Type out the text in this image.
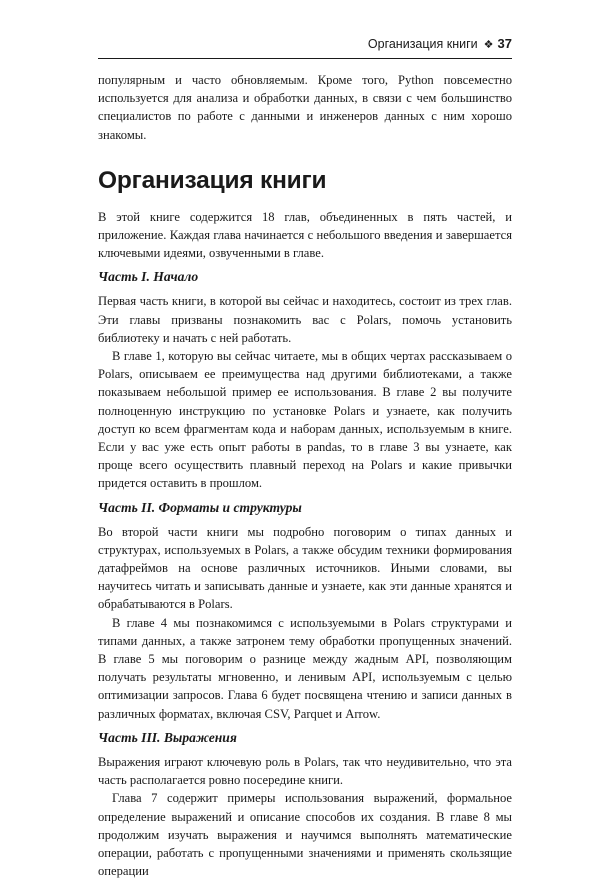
Организация книги ❖ 37

популярным и часто обновляемым. Кроме того, Python повсеместно используется для анализа и обработки данных, в связи с чем большинство специалистов по работе с данными и инженеров данных с ним хорошо знакомы.

Организация книги

В этой книге содержится 18 глав, объединенных в пять частей, и приложение. Каждая глава начинается с небольшого введения и завершается ключевыми идеями, озвученными в главе.

Часть I. Начало

Первая часть книги, в которой вы сейчас и находитесь, состоит из трех глав. Эти главы призваны познакомить вас с Polars, помочь установить библиотеку и начать с ней работать.

В главе 1, которую вы сейчас читаете, мы в общих чертах рассказываем о Polars, описываем ее преимущества над другими библиотеками, а также показываем небольшой пример ее использования. В главе 2 вы получите полноценную инструкцию по установке Polars и узнаете, как получить доступ ко всем фрагментам кода и наборам данных, используемым в книге. Если у вас уже есть опыт работы в pandas, то в главе 3 вы узнаете, как проще всего осуществить плавный переход на Polars и какие привычки придется оставить в прошлом.

Часть II. Форматы и структуры

Во второй части книги мы подробно поговорим о типах данных и структурах, используемых в Polars, а также обсудим техники формирования датафреймов на основе различных источников. Иными словами, вы научитесь читать и записывать данные и узнаете, как эти данные хранятся и обрабатываются в Polars.

В главе 4 мы познакомимся с используемыми в Polars структурами и типами данных, а также затронем тему обработки пропущенных значений. В главе 5 мы поговорим о разнице между жадным API, позволяющим получать результаты мгновенно, и ленивым API, используемым с целью оптимизации запросов. Глава 6 будет посвящена чтению и записи данных в различных форматах, включая CSV, Parquet и Arrow.

Часть III. Выражения

Выражения играют ключевую роль в Polars, так что неудивительно, что эта часть располагается ровно посередине книги.

Глава 7 содержит примеры использования выражений, формальное определение выражений и описание способов их создания. В главе 8 мы продолжим изучать выражения и научимся выполнять математические операции, работать с пропущенными значениями и применять скользящие операции
